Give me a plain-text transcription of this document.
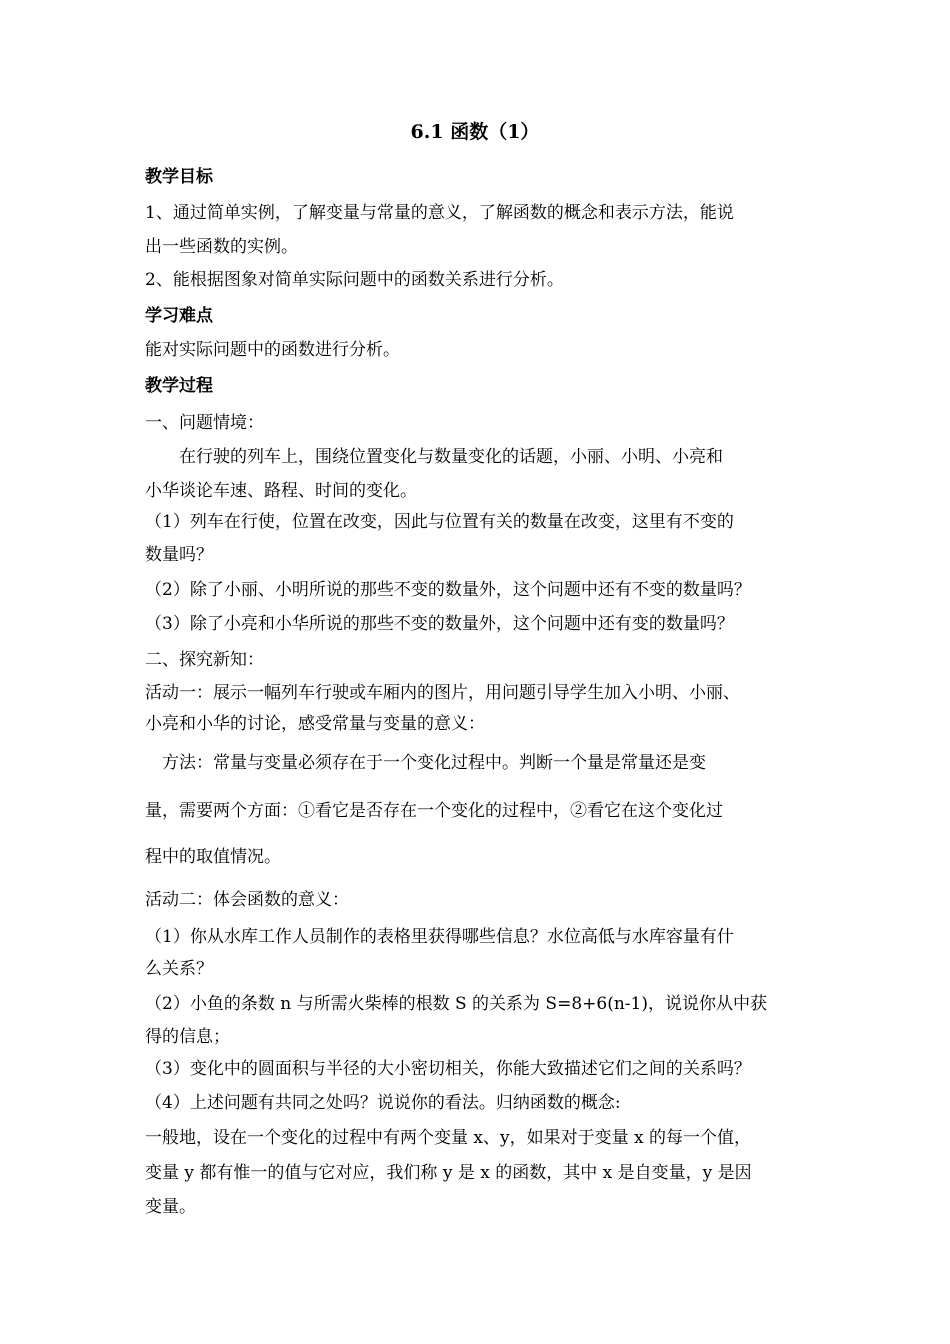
6.1 函数（1）
教学目标
1、通过简单实例，了解变量与常量的意义，了解函数的概念和表示方法，能说
出一些函数的实例。
2、能根据图象对简单实际问题中的函数关系进行分析。
学习难点
能对实际问题中的函数进行分析。
教学过程
一、问题情境：
　　在行驶的列车上，围绕位置变化与数量变化的话题，小丽、小明、小亮和
小华谈论车速、路程、时间的变化。
（1）列车在行使，位置在改变，因此与位置有关的数量在改变，这里有不变的
数量吗？
（2）除了小丽、小明所说的那些不变的数量外，这个问题中还有不变的数量吗？
（3）除了小亮和小华所说的那些不变的数量外，这个问题中还有变的数量吗？
二、探究新知：
活动一：展示一幅列车行驶或车厢内的图片，用问题引导学生加入小明、小丽、
小亮和小华的讨论，感受常量与变量的意义：
　方法：常量与变量必须存在于一个变化过程中。判断一个量是常量还是变
量，需要两个方面：①看它是否存在一个变化的过程中，②看它在这个变化过
程中的取值情况。
活动二：体会函数的意义：
（1）你从水库工作人员制作的表格里获得哪些信息？水位高低与水库容量有什
么关系？
（2）小鱼的条数 n 与所需火柴棒的根数 S 的关系为 S=8+6(n-1)，说说你从中获
得的信息；
（3）变化中的圆面积与半径的大小密切相关，你能大致描述它们之间的关系吗？
（4）上述问题有共同之处吗？说说你的看法。归纳函数的概念:
一般地，设在一个变化的过程中有两个变量 x、y，如果对于变量 x 的每一个值，
变量 y 都有惟一的值与它对应，我们称 y 是 x 的函数，其中 x 是自变量，y 是因
变量。
